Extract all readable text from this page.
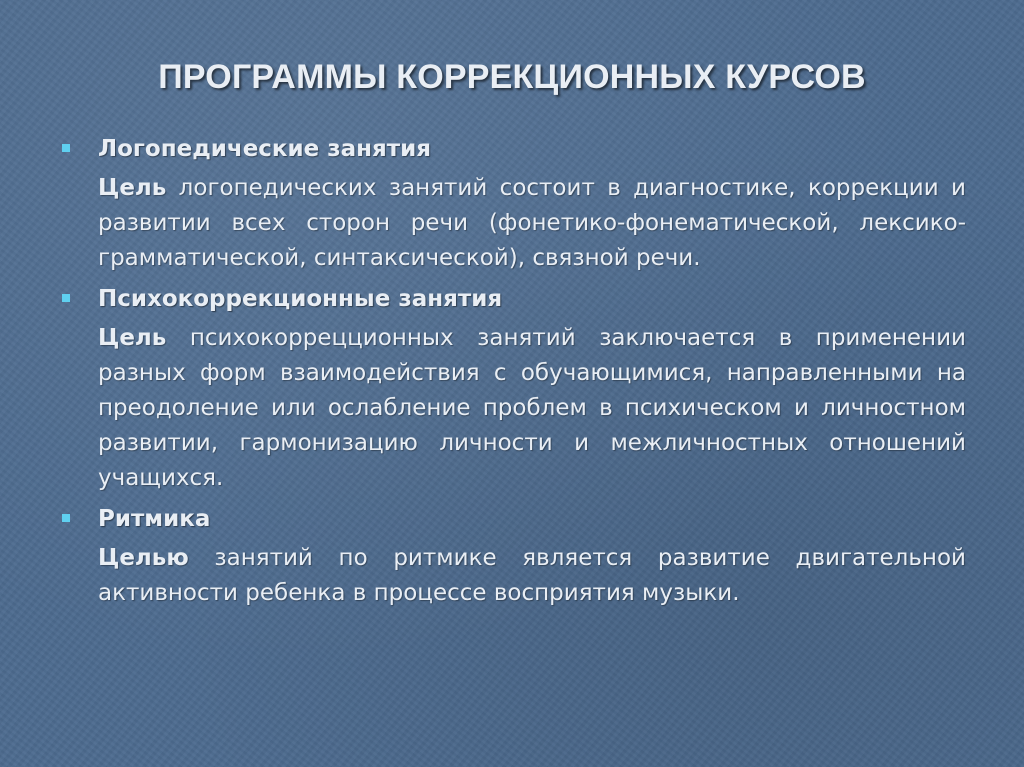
ПРОГРАММЫ КОРРЕКЦИОННЫХ КУРСОВ
Логопедические занятия
Цель логопедических занятий состоит в диагностике, коррекции и развитии всех сторон речи (фонетико-фонематической, лексико-грамматической, синтаксической), связной речи.
Психокоррекционные занятия
Цель психокоррецционных занятий заключается в применении разных форм взаимодействия с обучающимися, направленными на преодоление или ослабление проблем в психическом и личностном развитии, гармонизацию личности и межличностных отношений учащихся.
Ритмика
Целью занятий по ритмике является развитие двигательной активности ребенка в процессе восприятия музыки.
